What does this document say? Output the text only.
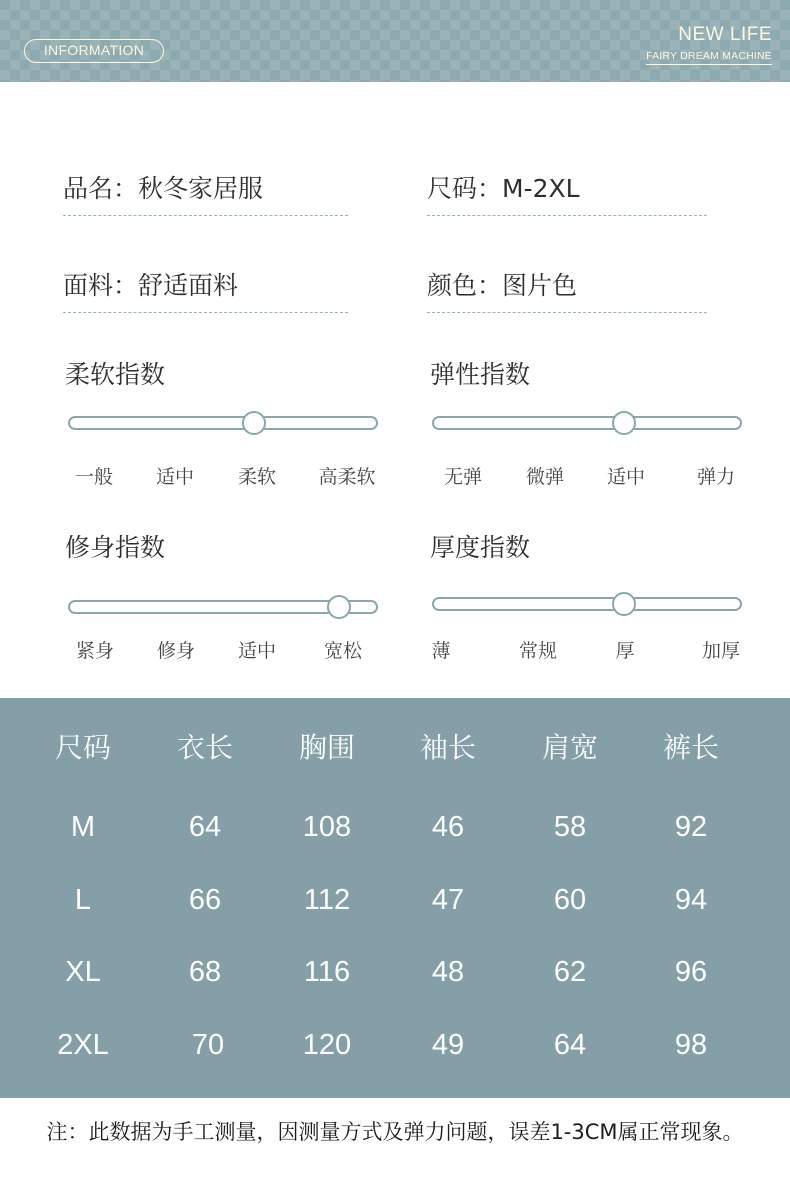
INFORMATION
NEW LIFE
FAIRY DREAM MACHINE
品名：秋冬家居服	尺码：M-2XL
面料：舒适面料	颜色：图片色
柔软指数
一般 适中 柔软 高柔软
弹性指数
无弹 微弹 适中	弹力
修身指数
紧身 修身 适中	宽松
厚度指数
薄	常规	厚	加厚
尺码 衣长 胸围 袖长 肩宽 裤长
M	64	108	46	58	92
L	66	112	47	60	94
XL	68	116	48	62	96
2XL	70	120	49	64	98
注：此数据为手工测量，因测量方式及弹力问题，误差1-3CM属正常现象。
